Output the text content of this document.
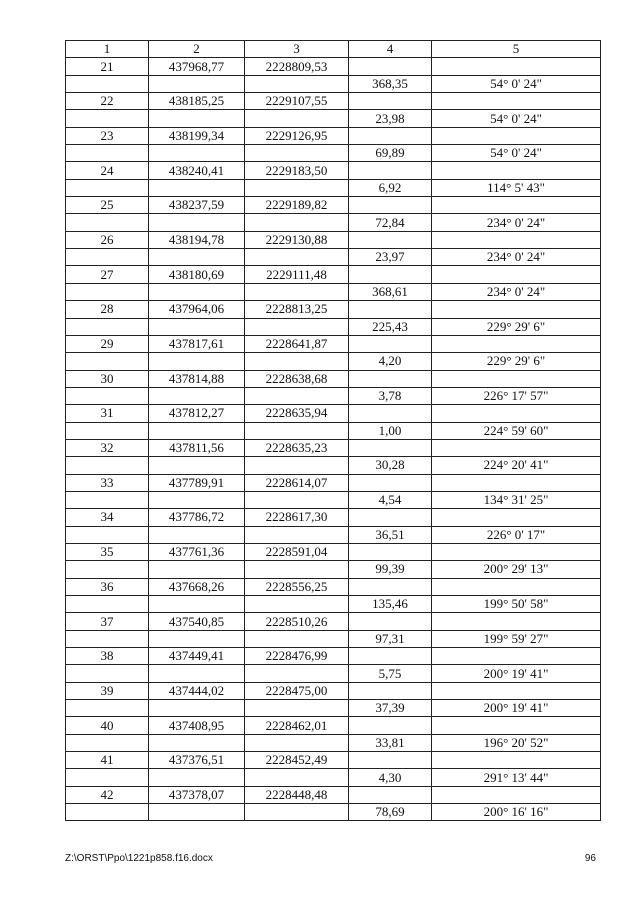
1	2	3	4	5
21	437968,77	2228809,53		
			368,35	54° 0' 24"
22	438185,25	2229107,55		
			23,98	54° 0' 24"
23	438199,34	2229126,95		
			69,89	54° 0' 24"
24	438240,41	2229183,50		
			6,92	114° 5' 43"
25	438237,59	2229189,82		
			72,84	234° 0' 24"
26	438194,78	2229130,88		
			23,97	234° 0' 24"
27	438180,69	2229111,48		
			368,61	234° 0' 24"
28	437964,06	2228813,25		
			225,43	229° 29' 6"
29	437817,61	2228641,87		
			4,20	229° 29' 6"
30	437814,88	2228638,68		
			3,78	226° 17' 57"
31	437812,27	2228635,94		
			1,00	224° 59' 60"
32	437811,56	2228635,23		
			30,28	224° 20' 41"
33	437789,91	2228614,07		
			4,54	134° 31' 25"
34	437786,72	2228617,30		
			36,51	226° 0' 17"
35	437761,36	2228591,04		
			99,39	200° 29' 13"
36	437668,26	2228556,25		
			135,46	199° 50' 58"
37	437540,85	2228510,26		
			97,31	199° 59' 27"
38	437449,41	2228476,99		
			5,75	200° 19' 41"
39	437444,02	2228475,00		
			37,39	200° 19' 41"
40	437408,95	2228462,01		
			33,81	196° 20' 52"
41	437376,51	2228452,49		
			4,30	291° 13' 44"
42	437378,07	2228448,48		
			78,69	200° 16' 16"
Z:\ORST\Ppo\1221p858.f16.docx	96
